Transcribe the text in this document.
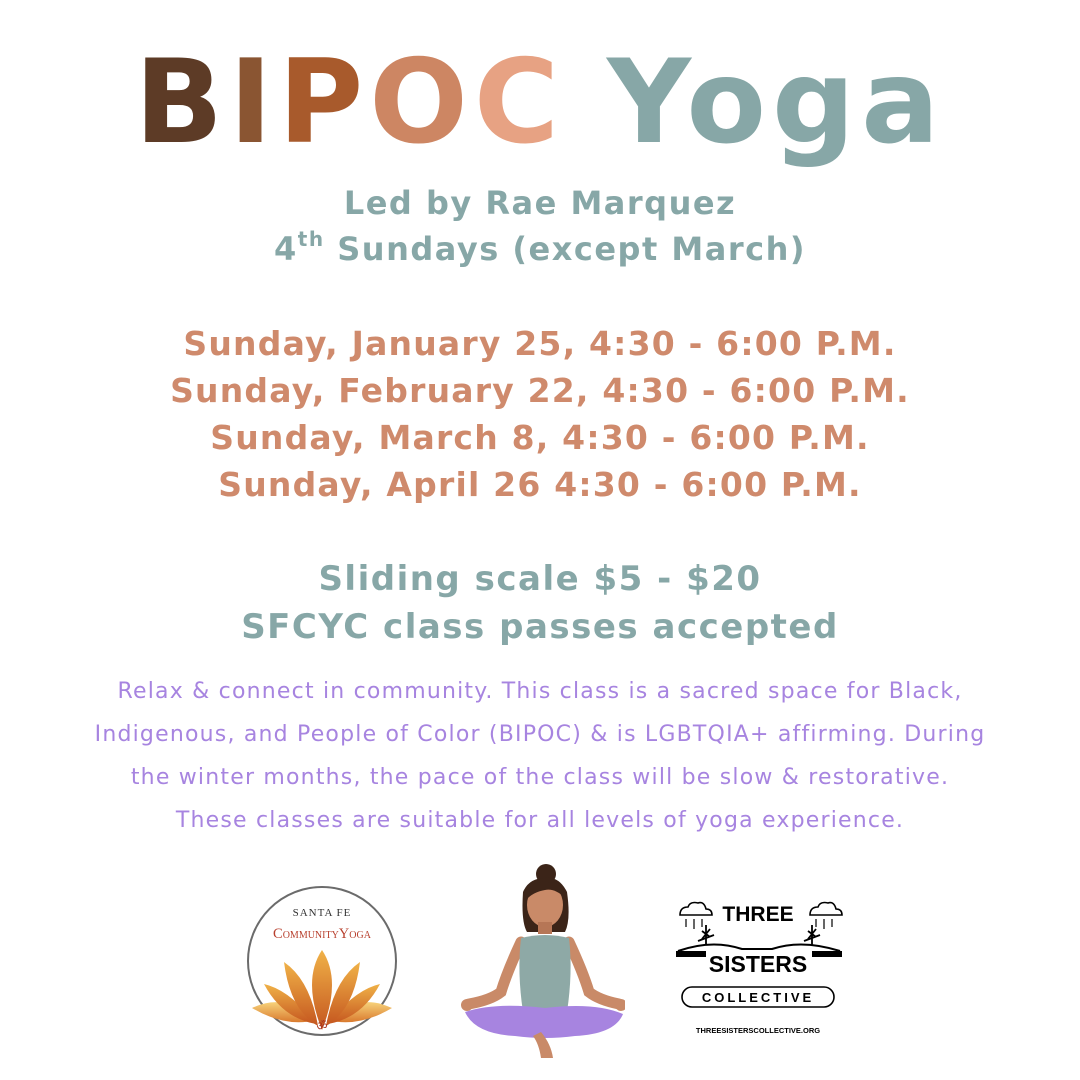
BIPOC Yoga
Led by Rae Marquez
4th Sundays (except March)
Sunday, January 25, 4:30 - 6:00 P.M.
Sunday, February 22, 4:30 - 6:00 P.M.
Sunday, March 8, 4:30 - 6:00 P.M.
Sunday, April 26 4:30 - 6:00 P.M.
Sliding scale $5 - $20
SFCYC class passes accepted
Relax & connect in community. This class is a sacred space for Black,
Indigenous, and People of Color (BIPOC) & is LGBTQIA+ affirming. During
the winter months, the pace of the class will be slow & restorative.
These classes are suitable for all levels of yoga experience.
SANTA FE
CommunityYoga
ॐ
THREE
SISTERS
COLLECTIVE
THREESISTERSCOLLECTIVE.ORG
